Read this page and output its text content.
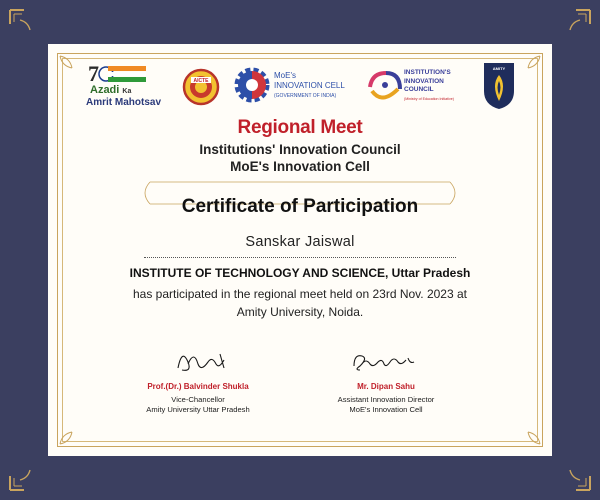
7
Azadi Ka
Amrit Mahotsav
AICTE
MoE's
INNOVATION CELL
(GOVERNMENT OF INDIA)
INSTITUTION'S
INNOVATION
COUNCIL
(Ministry of Education Initiative)
AMITY
Regional Meet
Institutions' Innovation Council
MoE's Innovation Cell
Certificate of Participation
Sanskar Jaiswal
INSTITUTE OF TECHNOLOGY AND SCIENCE, Uttar Pradesh
has participated in the regional meet held on 23rd Nov. 2023 at
Amity University, Noida.
Prof.(Dr.) Balvinder Shukla
Vice-Chancellor
Amity University Uttar Pradesh
Mr. Dipan Sahu
Assistant Innovation Director
MoE's Innovation Cell
